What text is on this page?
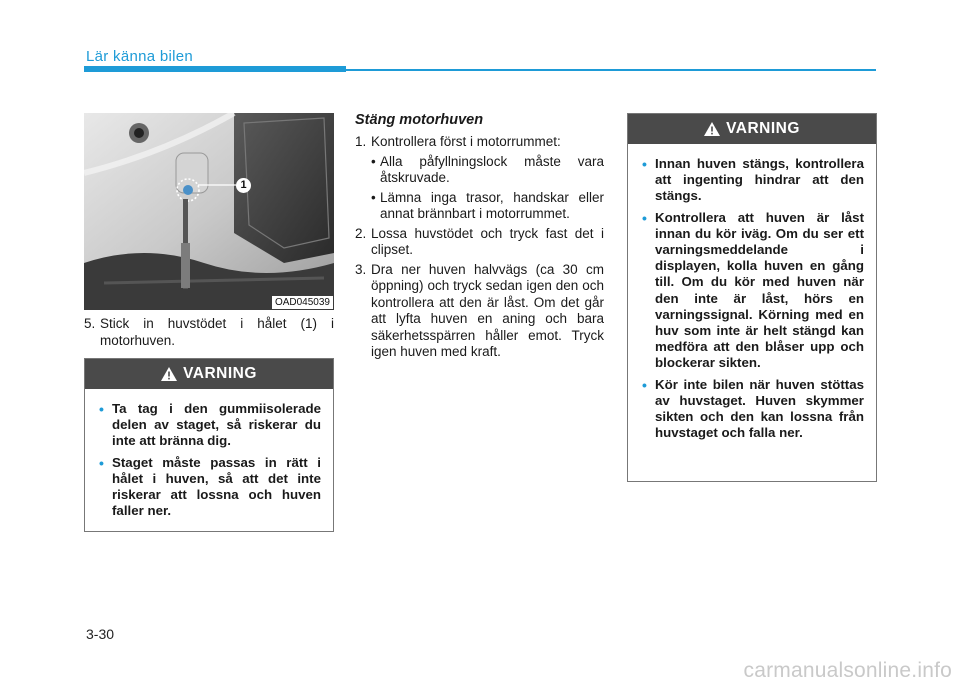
Lär känna bilen
1
OAD045039
5. Stick in huvstödet i hålet (1) i motorhuven.
VARNING
• Ta tag i den gummiisolerade delen av staget, så riskerar du inte att bränna dig.
• Staget måste passas in rätt i hålet i huven, så att det inte riskerar att lossna och huven faller ner.
Stäng motorhuven
1. Kontrollera först i motorrummet:
• Alla påfyllningslock måste vara åtskruvade.
• Lämna inga trasor, handskar eller annat brännbart i motorrummet.
2. Lossa huvstödet och tryck fast det i clipset.
3. Dra ner huven halvvägs (ca 30 cm öppning) och tryck sedan igen den och kontrollera att den är låst. Om det går att lyfta huven en aning och bara säkerhetsspärren håller emot. Tryck igen huven med kraft.
VARNING
• Innan huven stängs, kontrollera att ingenting hindrar att den stängs.
• Kontrollera att huven är låst innan du kör iväg. Om du ser ett varningsmeddelande i displayen, kolla huven en gång till. Om du kör med huven när den inte är låst, hörs en varningssignal. Körning med en huv som inte är helt stängd kan medföra att den blåser upp och blockerar sikten.
• Kör inte bilen när huven stöttas av huvstaget. Huven skymmer sikten och den kan lossna från huvstaget och falla ner.
3-30
carmanualsonline.info
